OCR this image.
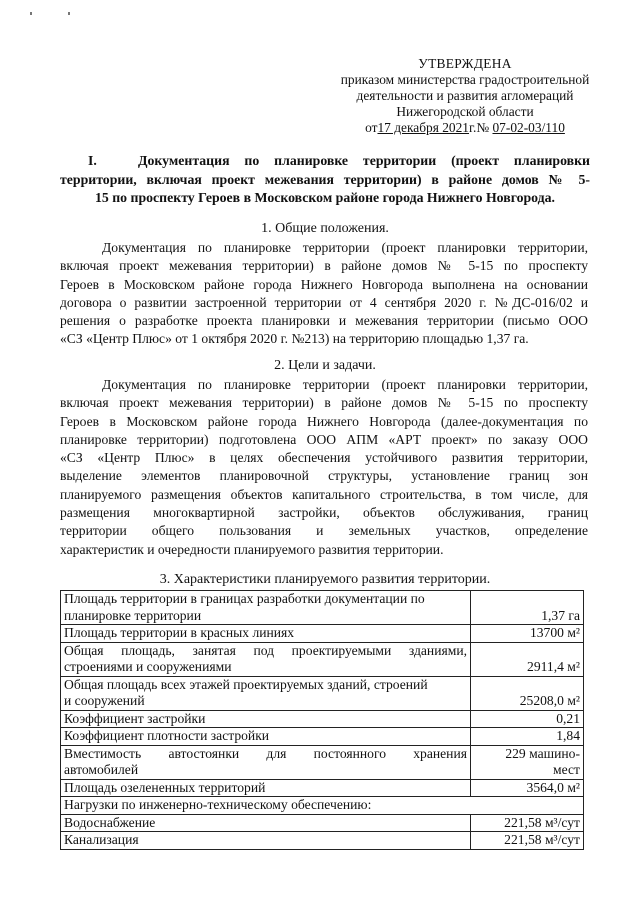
УТВЕРЖДЕНА
приказом министерства градостроительной
деятельности и развития агломераций
Нижегородской области
от17 декабря 2021г.№ 07-02-03/110
I.	Документация по планировке территории (проект планировки
территории, включая проект межевания территории) в районе домов № 5-
15 по проспекту Героев в Московском районе города Нижнего Новгорода.
1. Общие положения.
Документация по планировке территории (проект планировки территории,
включая проект межевания территории) в районе домов № 5-15 по проспекту
Героев в Московском районе города Нижнего Новгорода выполнена на основании
договора о развитии застроенной территории от 4 сентября 2020 г. №ДС-016/02 и
решения о разработке проекта планировки и межевания территории (письмо ООО
«СЗ «Центр Плюс» от 1 октября 2020 г. №213) на территорию площадью 1,37 га.
2. Цели и задачи.
Документация по планировке территории (проект планировки территории,
включая проект межевания территории) в районе домов № 5-15 по проспекту
Героев в Московском районе города Нижнего Новгорода (далее-документация по
планировке территории) подготовлена ООО АПМ «АРТ проект» по заказу ООО
«СЗ «Центр Плюс» в целях обеспечения устойчивого развития территории,
выделение элементов планировочной структуры, установление границ зон
планируемого размещения объектов капитального строительства, в том числе, для
размещения многоквартирной застройки, объектов обслуживания, границ
территории общего пользования и земельных участков, определение
характеристик и очередности планируемого развития территории.
3. Характеристики планируемого развития территории.
Площадь территории в границах разработки документации по
планировке территории	1,37 га
Площадь территории в красных линиях	13700 м²
Общая площадь, занятая под проектируемыми зданиями,
строениями и сооружениями	2911,4 м²
Общая площадь всех этажей проектируемых зданий, строений
и сооружений	25208,0 м²
Коэффициент застройки	0,21
Коэффициент плотности застройки	1,84
Вместимость автостоянки для постоянного хранения
автомобилей	229 машино-
мест
Площадь озелененных территорий	3564,0 м²
Нагрузки по инженерно-техническому обеспечению:	
Водоснабжение	221,58 м³/сут
Канализация	221,58 м³/сут
